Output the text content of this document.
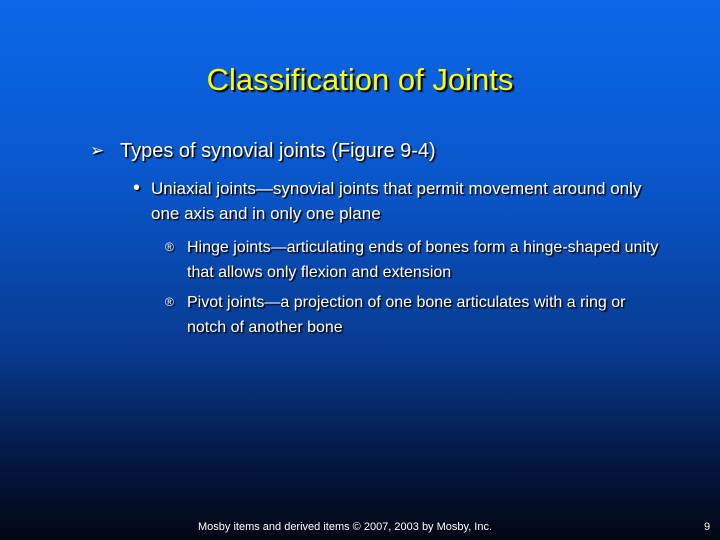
Classification of Joints
➢ Types of synovial joints (Figure 9-4)
• Uniaxial joints—synovial joints that permit movement around only one axis and in only one plane
® Hinge joints—articulating ends of bones form a hinge-shaped unity that allows only flexion and extension
® Pivot joints—a projection of one bone articulates with a ring or notch of another bone
Mosby items and derived items © 2007, 2003 by Mosby, Inc.	9
